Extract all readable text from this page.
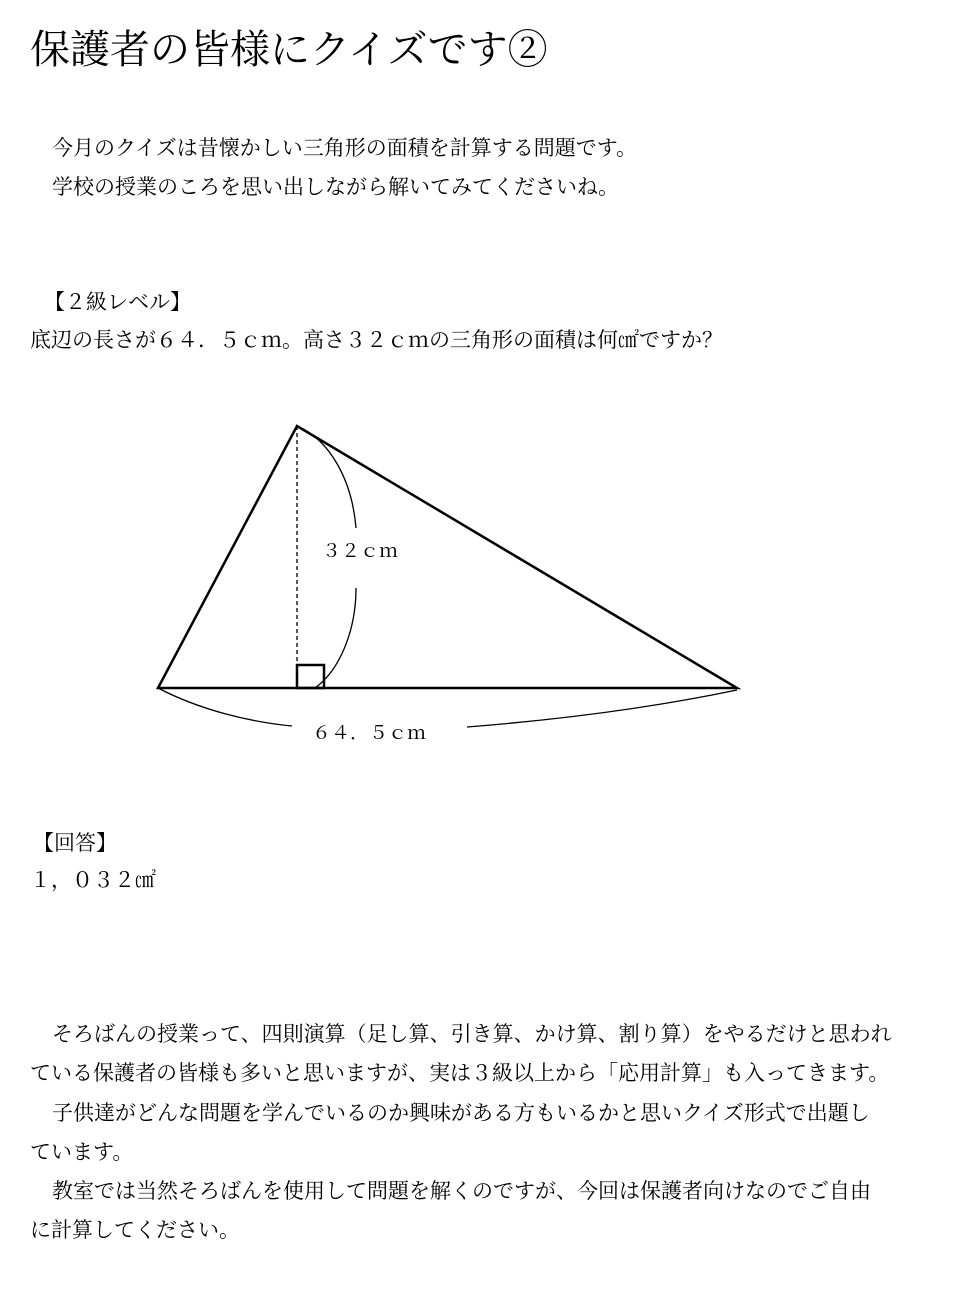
保護者の皆様にクイズです②

今月のクイズは昔懐かしい三角形の面積を計算する問題です。

学校の授業のころを思い出しながら解いてみてくださいね。

【２級レベル】

底辺の長さが６４．５ｃｍ。高さ３２ｃｍの三角形の面積は何㎠ですか？

３２ｃｍ
６４．５ｃｍ

【回答】

１，０３２㎠

そろばんの授業って、四則演算（足し算、引き算、かけ算、割り算）をやるだけと思われ

ている保護者の皆様も多いと思いますが、実は３級以上から「応用計算」も入ってきます。

子供達がどんな問題を学んでいるのか興味がある方もいるかと思いクイズ形式で出題し

ています。

教室では当然そろばんを使用して問題を解くのですが、今回は保護者向けなのでご自由

に計算してください。
